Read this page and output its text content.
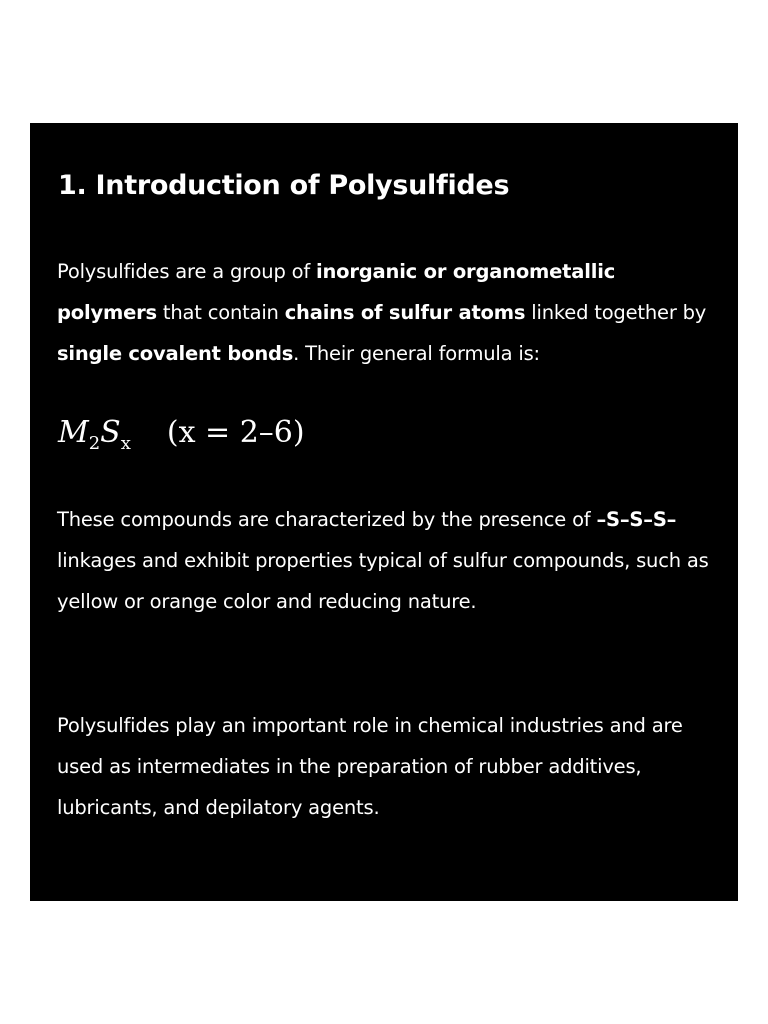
1. Introduction of Polysulfides

Polysulfides are a group of inorganic or organometallic polymers that contain chains of sulfur atoms linked together by single covalent bonds. Their general formula is:

$M_2S_x$ (x = 2–6)

These compounds are characterized by the presence of –S–S–S– linkages and exhibit properties typical of sulfur compounds, such as yellow or orange color and reducing nature.

Polysulfides play an important role in chemical industries and are used as intermediates in the preparation of rubber additives, lubricants, and depilatory agents.
